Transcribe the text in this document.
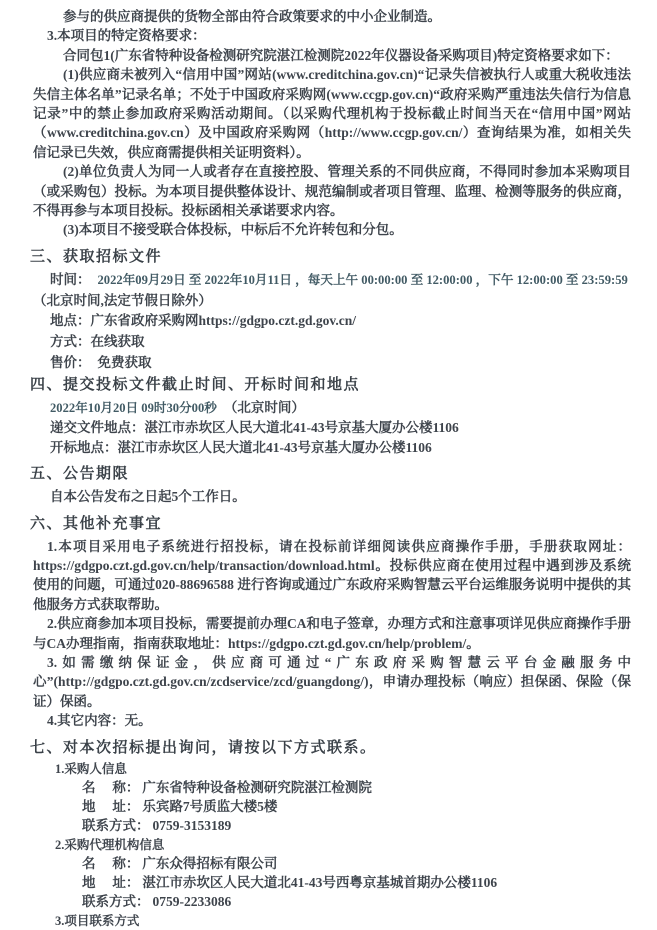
参与的供应商提供的货物全部由符合政策要求的中小企业制造。

3.本项目的特定资格要求：

合同包1(广东省特种设备检测研究院湛江检测院2022年仪器设备采购项目)特定资格要求如下：

(1)供应商未被列入“信用中国”网站(www.creditchina.gov.cn)“记录失信被执行人或重大税收违法失信主体名单”记录名单；不处于中国政府采购网(www.ccgp.gov.cn)“政府采购严重违法失信行为信息记录”中的禁止参加政府采购活动期间。（以采购代理机构于投标截止时间当天在“信用中国”网站（www.creditchina.gov.cn）及中国政府采购网（http://www.ccgp.gov.cn/）查询结果为准，如相关失信记录已失效，供应商需提供相关证明资料）。

(2)单位负责人为同一人或者存在直接控股、管理关系的不同供应商，不得同时参加本采购项目（或采购包）投标。为本项目提供整体设计、规范编制或者项目管理、监理、检测等服务的供应商，不得再参与本项目投标。投标函相关承诺要求内容。

(3)本项目不接受联合体投标，中标后不允许转包和分包。

三、获取招标文件

时间： 2022年09月29日 至 2022年10月11日 ，每天上午 00:00:00 至 12:00:00 ，下午 12:00:00 至 23:59:59

（北京时间,法定节假日除外）

地点：广东省政府采购网https://gdgpo.czt.gd.gov.cn/

方式：在线获取

售价： 免费获取

四、提交投标文件截止时间、开标时间和地点

2022年10月20日 09时30分00秒 （北京时间）

递交文件地点：湛江市赤坎区人民大道北41-43号京基大厦办公楼1106

开标地点：湛江市赤坎区人民大道北41-43号京基大厦办公楼1106

五、公告期限

自本公告发布之日起5个工作日。

六、其他补充事宜

1.本项目采用电子系统进行招投标，请在投标前详细阅读供应商操作手册，手册获取网址：https://gdgpo.czt.gd.gov.cn/help/transaction/download.html。投标供应商在使用过程中遇到涉及系统使用的问题，可通过020-88696588 进行咨询或通过广东政府采购智慧云平台运维服务说明中提供的其他服务方式获取帮助。

2.供应商参加本项目投标，需要提前办理CA和电子签章，办理方式和注意事项详见供应商操作手册与CA办理指南，指南获取地址：https://gdgpo.czt.gd.gov.cn/help/problem/。

3.如需缴纳保证金，供应商可通过“广东政府采购智慧云平台金融服务中心”(http://gdgpo.czt.gd.gov.cn/zcdservice/zcd/guangdong/)，申请办理投标（响应）担保函、保险（保证）保函。

4.其它内容：无。

七、对本次招标提出询问，请按以下方式联系。

1.采购人信息

名　 称： 广东省特种设备检测研究院湛江检测院

地　 址： 乐宾路7号质监大楼5楼

联系方式： 0759-3153189

2.采购代理机构信息

名　 称： 广东众得招标有限公司

地　 址： 湛江市赤坎区人民大道北41-43号西粤京基城首期办公楼1106

联系方式： 0759-2233086

3.项目联系方式
